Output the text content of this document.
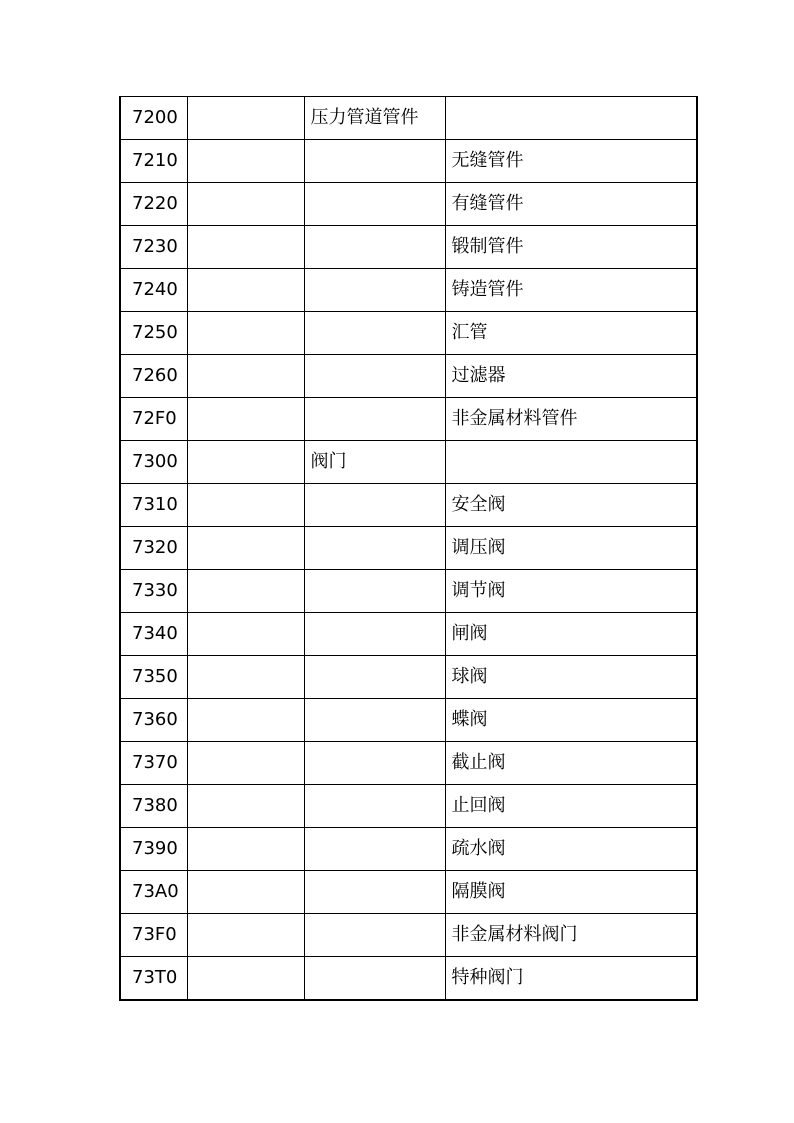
7200		压力管道管件	
7210			无缝管件
7220			有缝管件
7230			锻制管件
7240			铸造管件
7250			汇管
7260			过滤器
72F0			非金属材料管件
7300		阀门	
7310			安全阀
7320			调压阀
7330			调节阀
7340			闸阀
7350			球阀
7360			蝶阀
7370			截止阀
7380			止回阀
7390			疏水阀
73A0			隔膜阀
73F0			非金属材料阀门
73T0			特种阀门
